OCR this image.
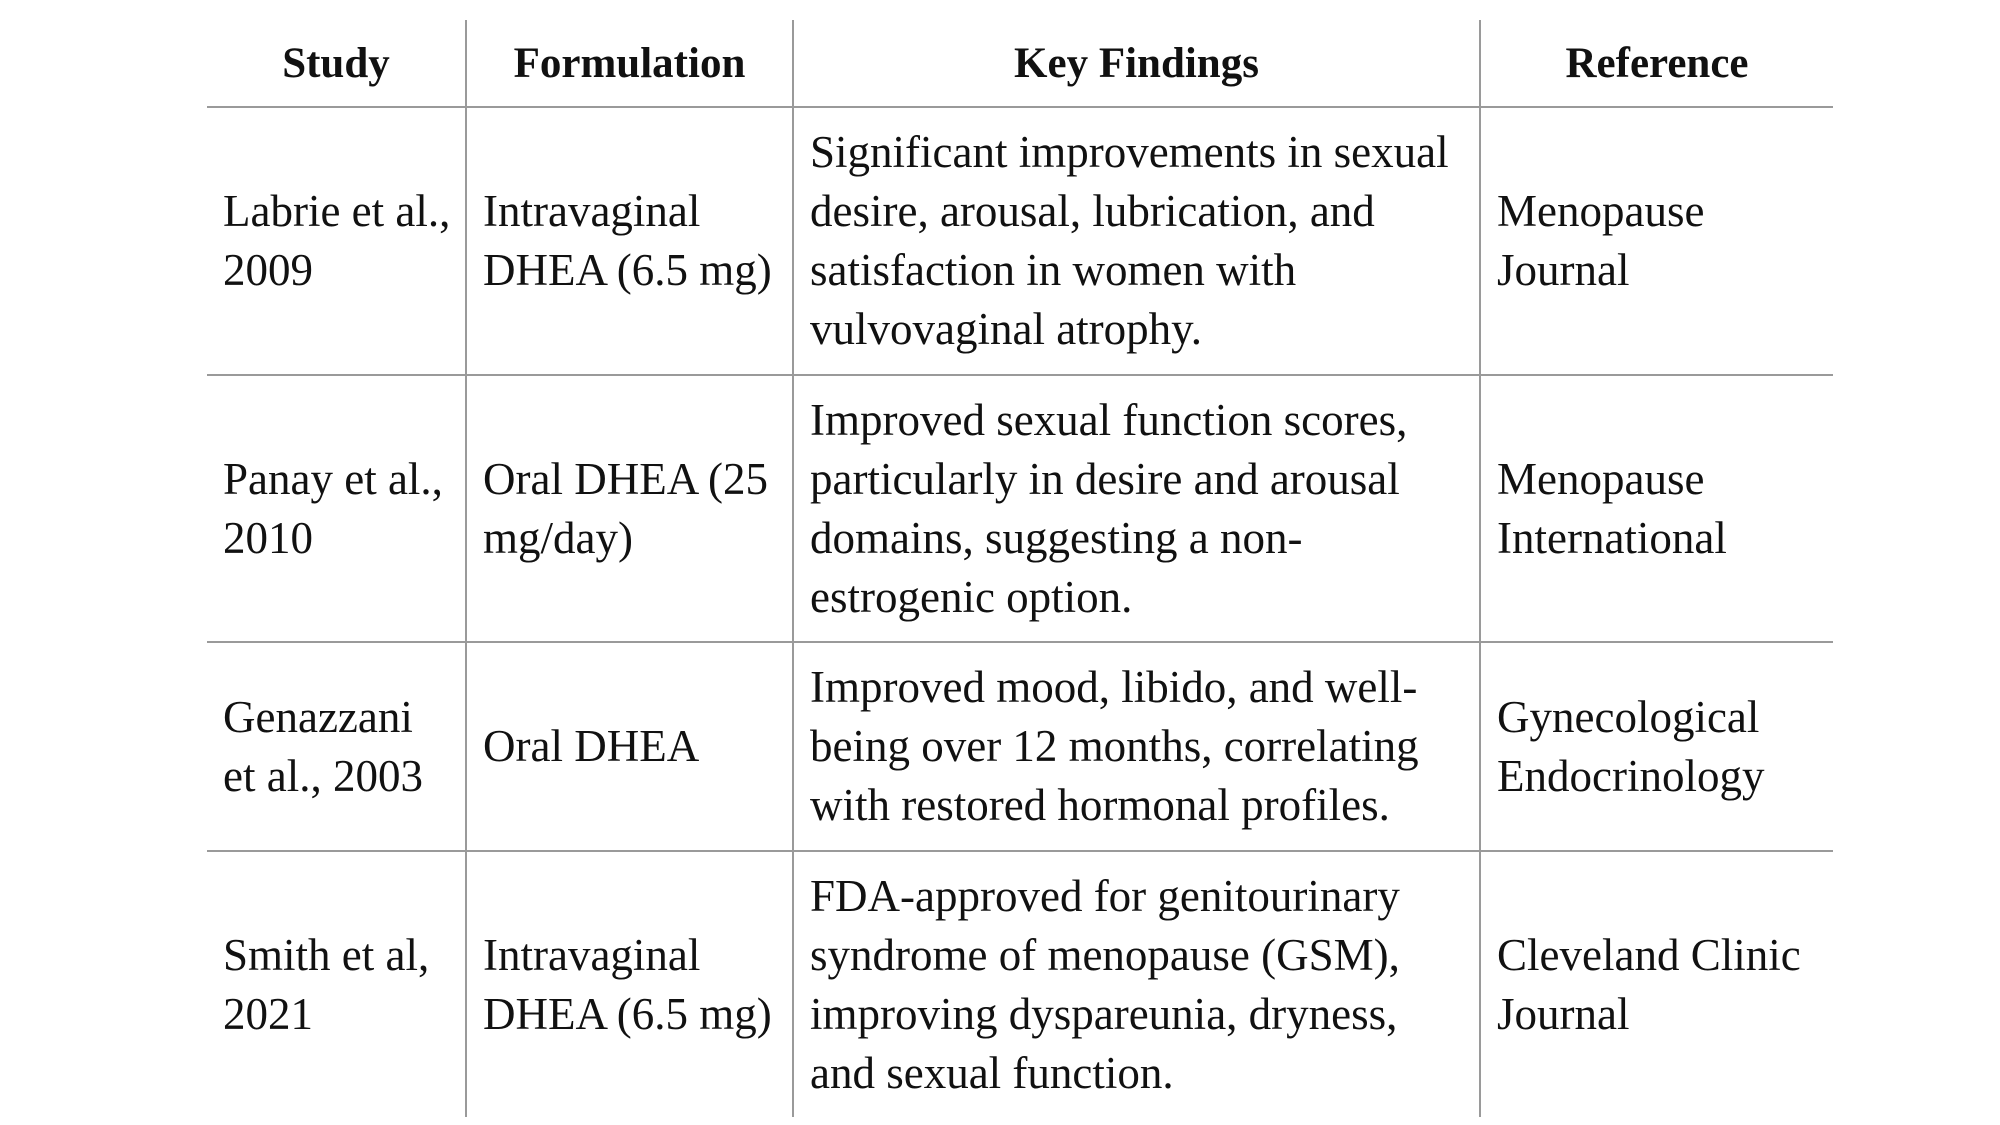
Study	Formulation	Key Findings	Reference
Labrie et al., 2009	Intravaginal DHEA (6.5 mg)	Significant improvements in sexual desire, arousal, lubrication, and satisfaction in women with vulvovaginal atrophy.	Menopause Journal
Panay et al., 2010	Oral DHEA (25 mg/day)	Improved sexual function scores, particularly in desire and arousal domains, suggesting a non-estrogenic option.	Menopause International
Genazzani et al., 2003	Oral DHEA	Improved mood, libido, and well-being over 12 months, correlating with restored hormonal profiles.	Gynecological Endocrinology
Smith et al, 2021	Intravaginal DHEA (6.5 mg)	FDA-approved for genitourinary syndrome of menopause (GSM), improving dyspareunia, dryness, and sexual function.	Cleveland Clinic Journal
